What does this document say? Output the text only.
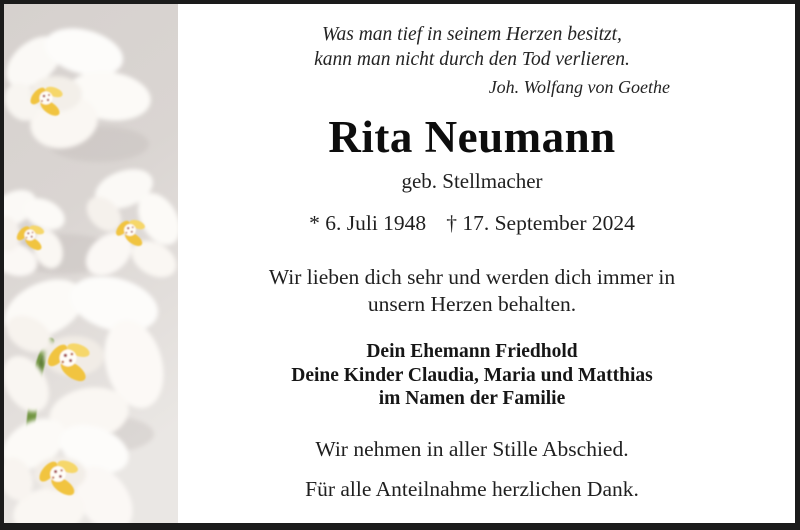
Was man tief in seinem Herzen besitzt,
kann man nicht durch den Tod verlieren.
Joh. Wolfang von Goethe
Rita Neumann
geb. Stellmacher
* 6. Juli 1948 † 17. September 2024
Wir lieben dich sehr und werden dich immer in
unsern Herzen behalten.
Dein Ehemann Friedhold
Deine Kinder Claudia, Maria und Matthias
im Namen der Familie
Wir nehmen in aller Stille Abschied.
Für alle Anteilnahme herzlichen Dank.
